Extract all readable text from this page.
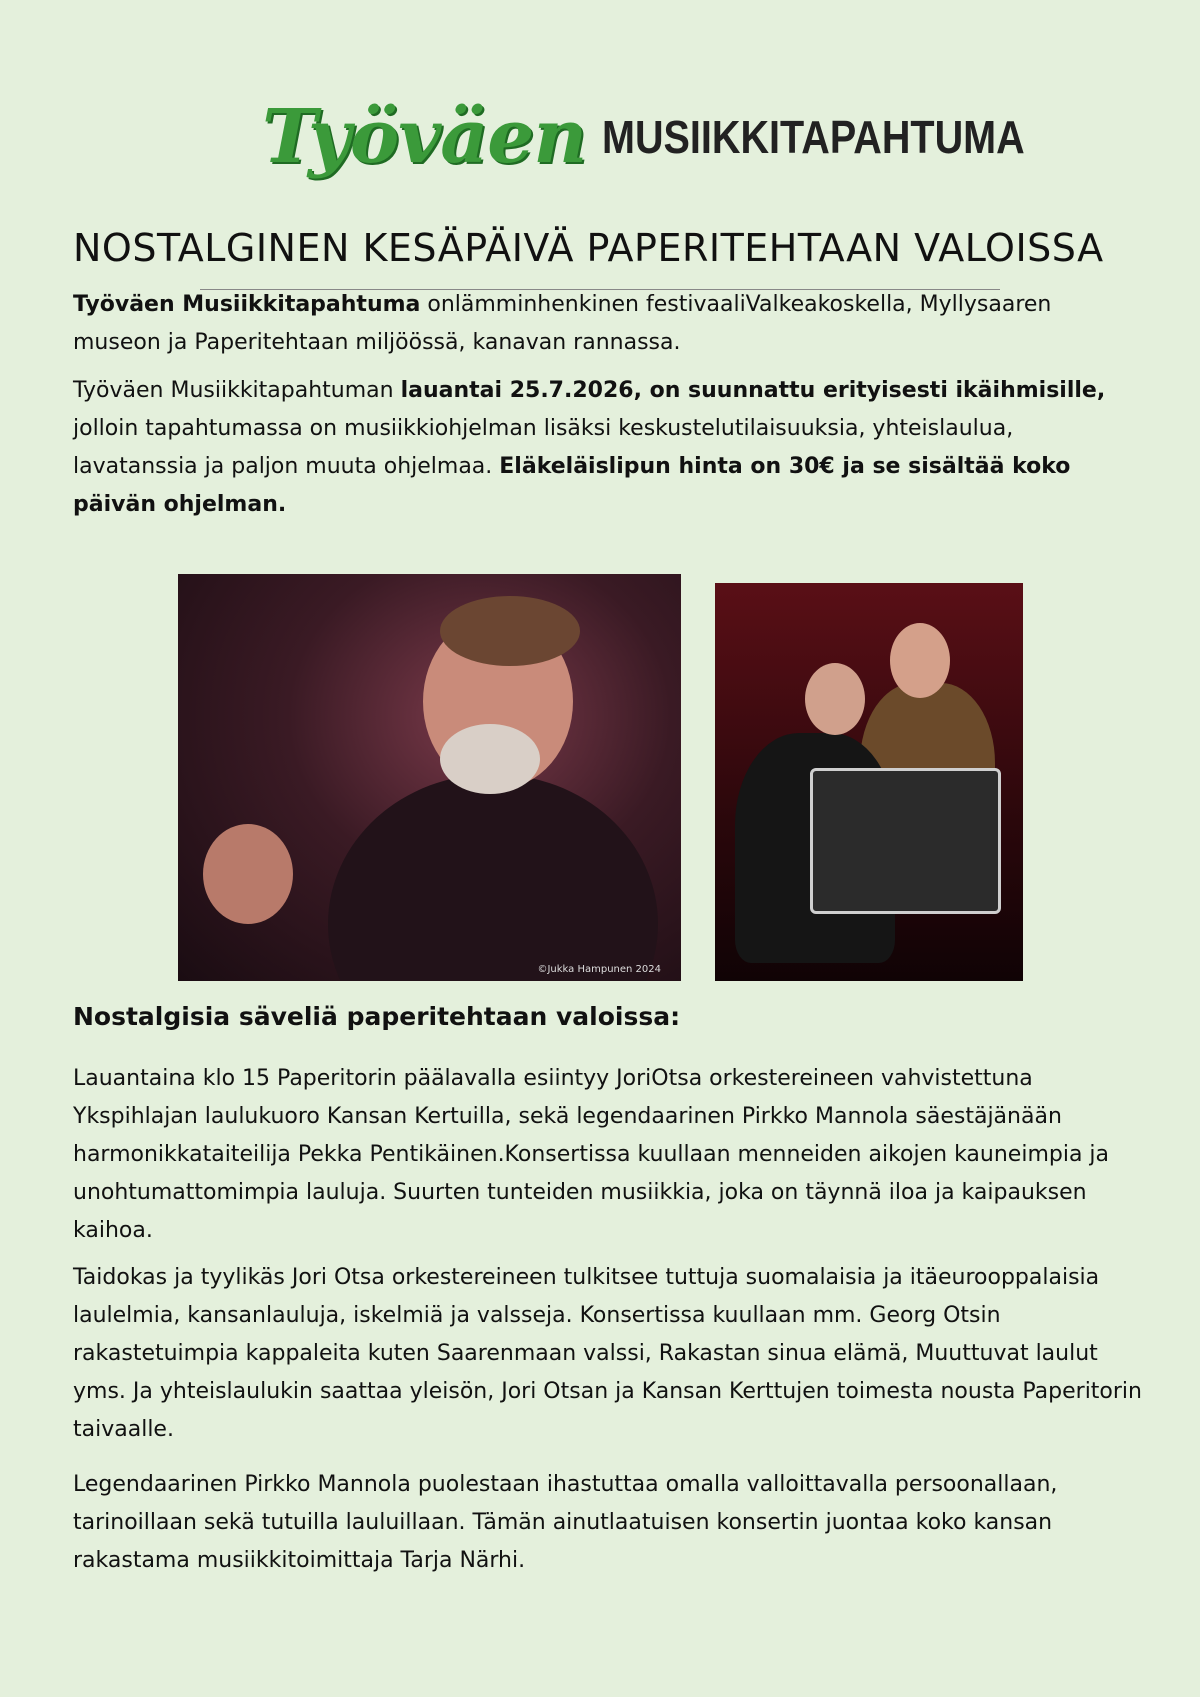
Työväen MUSIIKKITAPAHTUMA
NOSTALGINEN KESÄPÄIVÄ PAPERITEHTAAN VALOISSA

Työväen Musiikkitapahtuma onlämminhenkinen festivaaliValkeakoskella, Myllysaaren museon ja Paperitehtaan miljöössä, kanavan rannassa.

Työväen Musiikkitapahtuman lauantai 25.7.2026, on suunnattu erityisesti ikäihmisille, jolloin tapahtumassa on musiikkiohjelman lisäksi keskustelutilaisuuksia, yhteislaulua, lavatanssia ja paljon muuta ohjelmaa. Eläkeläislipun hinta on 30€ ja se sisältää koko päivän ohjelman.

©Jukka Hampunen 2024
Nostalgisia säveliä paperitehtaan valoissa:

Lauantaina klo 15 Paperitorin päälavalla esiintyy JoriOtsa orkestereineen vahvistettuna Ykspihlajan laulukuoro Kansan Kertuilla, sekä legendaarinen Pirkko Mannola säestäjänään harmonikkataiteilija Pekka Pentikäinen.Konsertissa kuullaan menneiden aikojen kauneimpia ja unohtumattomimpia lauluja. Suurten tunteiden musiikkia, joka on täynnä iloa ja kaipauksen kaihoa.

Taidokas ja tyylikäs Jori Otsa orkestereineen tulkitsee tuttuja suomalaisia ja itäeurooppalaisia laulelmia, kansanlauluja, iskelmiä ja valsseja. Konsertissa kuullaan mm. Georg Otsin rakastetuimpia kappaleita kuten Saarenmaan valssi, Rakastan sinua elämä, Muuttuvat laulut yms. Ja yhteislaulukin saattaa yleisön, Jori Otsan ja Kansan Kerttujen toimesta nousta Paperitorin taivaalle.

Legendaarinen Pirkko Mannola puolestaan ihastuttaa omalla valloittavalla persoonallaan, tarinoillaan sekä tutuilla lauluillaan. Tämän ainutlaatuisen konsertin juontaa koko kansan rakastama musiikkitoimittaja Tarja Närhi.
